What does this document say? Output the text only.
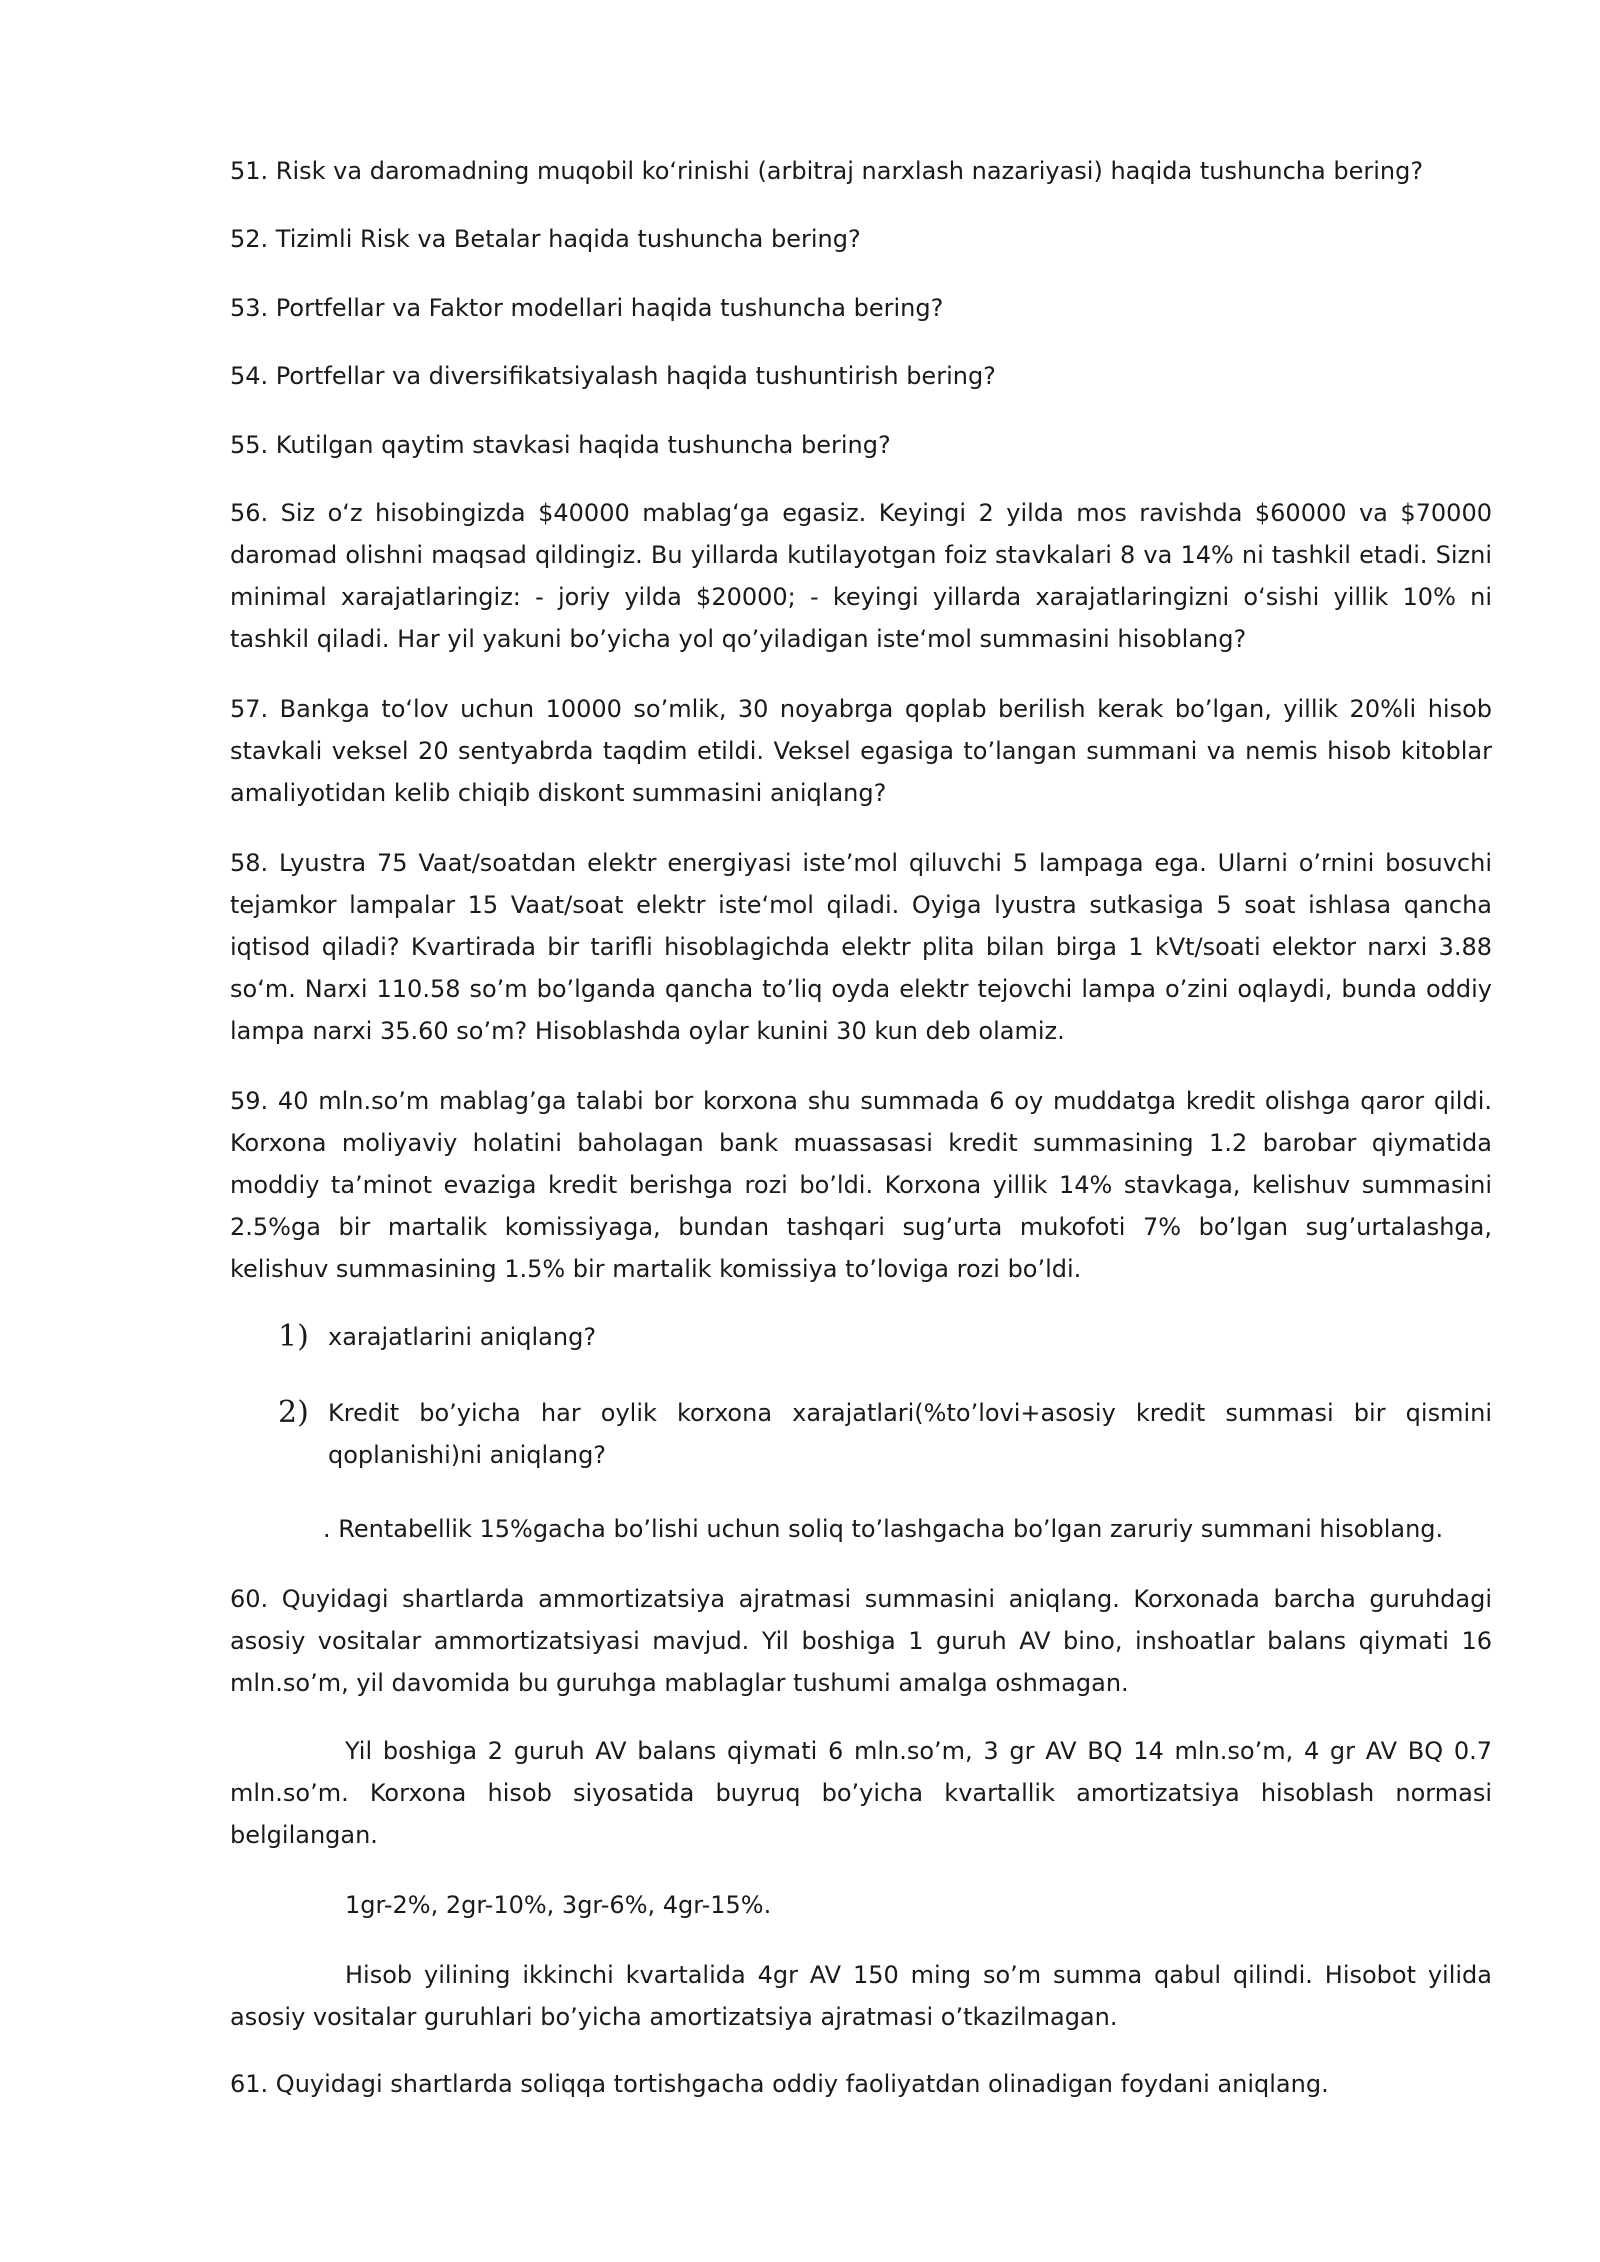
51. Risk va daromadning muqobil ko‘rinishi (arbitraj narxlash nazariyasi) haqida tushuncha bering?

52. Tizimli Risk va Betalar haqida tushuncha bering?

53. Portfellar va Faktor modellari haqida tushuncha bering?

54. Portfellar va diversifikatsiyalash haqida tushuntirish bering?

55. Kutilgan qaytim stavkasi haqida tushuncha bering?

56. Siz o‘z hisobingizda $40000 mablag‘ga egasiz. Keyingi 2 yilda mos ravishda $60000 va $70000 daromad olishni maqsad qildingiz. Bu yillarda kutilayotgan foiz stavkalari 8 va 14% ni tashkil etadi. Sizni minimal xarajatlaringiz: - joriy yilda $20000; - keyingi yillarda xarajatlaringizni o‘sishi yillik 10% ni tashkil qiladi. Har yil yakuni bo’yicha yol qo’yiladigan iste‘mol summasini hisoblang?

57. Bankga to‘lov uchun 10000 so’mlik, 30 noyabrga qoplab berilish kerak bo’lgan, yillik 20%li hisob stavkali veksel 20 sentyabrda taqdim etildi. Veksel egasiga to’langan summani va nemis hisob kitoblar amaliyotidan kelib chiqib diskont summasini aniqlang?

58. Lyustra 75 Vaat/soatdan elektr energiyasi iste’mol qiluvchi 5 lampaga ega. Ularni o’rnini bosuvchi tejamkor lampalar 15 Vaat/soat elektr iste‘mol qiladi. Oyiga lyustra sutkasiga 5 soat ishlasa qancha iqtisod qiladi? Kvartirada bir tarifli hisoblagichda elektr plita bilan birga 1 kVt/soati elektor narxi 3.88 so‘m. Narxi 110.58 so’m bo’lganda qancha to’liq oyda elektr tejovchi lampa o’zini oqlaydi, bunda oddiy lampa narxi 35.60 so’m? Hisoblashda oylar kunini 30 kun deb olamiz.

59. 40 mln.so’m mablag’ga talabi bor korxona shu summada 6 oy muddatga kredit olishga qaror qildi. Korxona moliyaviy holatini baholagan bank muassasasi kredit summasining 1.2 barobar qiymatida moddiy ta’minot evaziga kredit berishga rozi bo’ldi. Korxona yillik 14% stavkaga, kelishuv summasini 2.5%ga bir martalik komissiyaga, bundan tashqari sug’urta mukofoti 7% bo’lgan sug’urtalashga, kelishuv summasining 1.5% bir martalik komissiya to’loviga rozi bo’ldi.

1) xarajatlarini aniqlang?
2) Kredit bo’yicha har oylik korxona xarajatlari(%to’lovi+asosiy kredit summasi bir qismini qoplanishi)ni aniqlang?

. Rentabellik 15%gacha bo’lishi uchun soliq to’lashgacha bo’lgan zaruriy summani hisoblang.

60. Quyidagi shartlarda ammortizatsiya ajratmasi summasini aniqlang. Korxonada barcha guruhdagi asosiy vositalar ammortizatsiyasi mavjud. Yil boshiga 1 guruh AV bino, inshoatlar balans qiymati 16 mln.so’m, yil davomida bu guruhga mablaglar tushumi amalga oshmagan.

Yil boshiga 2 guruh AV balans qiymati 6 mln.so’m, 3 gr AV BQ 14 mln.so’m, 4 gr AV BQ 0.7 mln.so’m. Korxona hisob siyosatida buyruq bo’yicha kvartallik amortizatsiya hisoblash normasi belgilangan.

1gr-2%, 2gr-10%, 3gr-6%, 4gr-15%.

Hisob yilining ikkinchi kvartalida 4gr AV 150 ming so’m summa qabul qilindi. Hisobot yilida asosiy vositalar guruhlari bo’yicha amortizatsiya ajratmasi o’tkazilmagan.

61. Quyidagi shartlarda soliqqa tortishgacha oddiy faoliyatdan olinadigan foydani aniqlang.
